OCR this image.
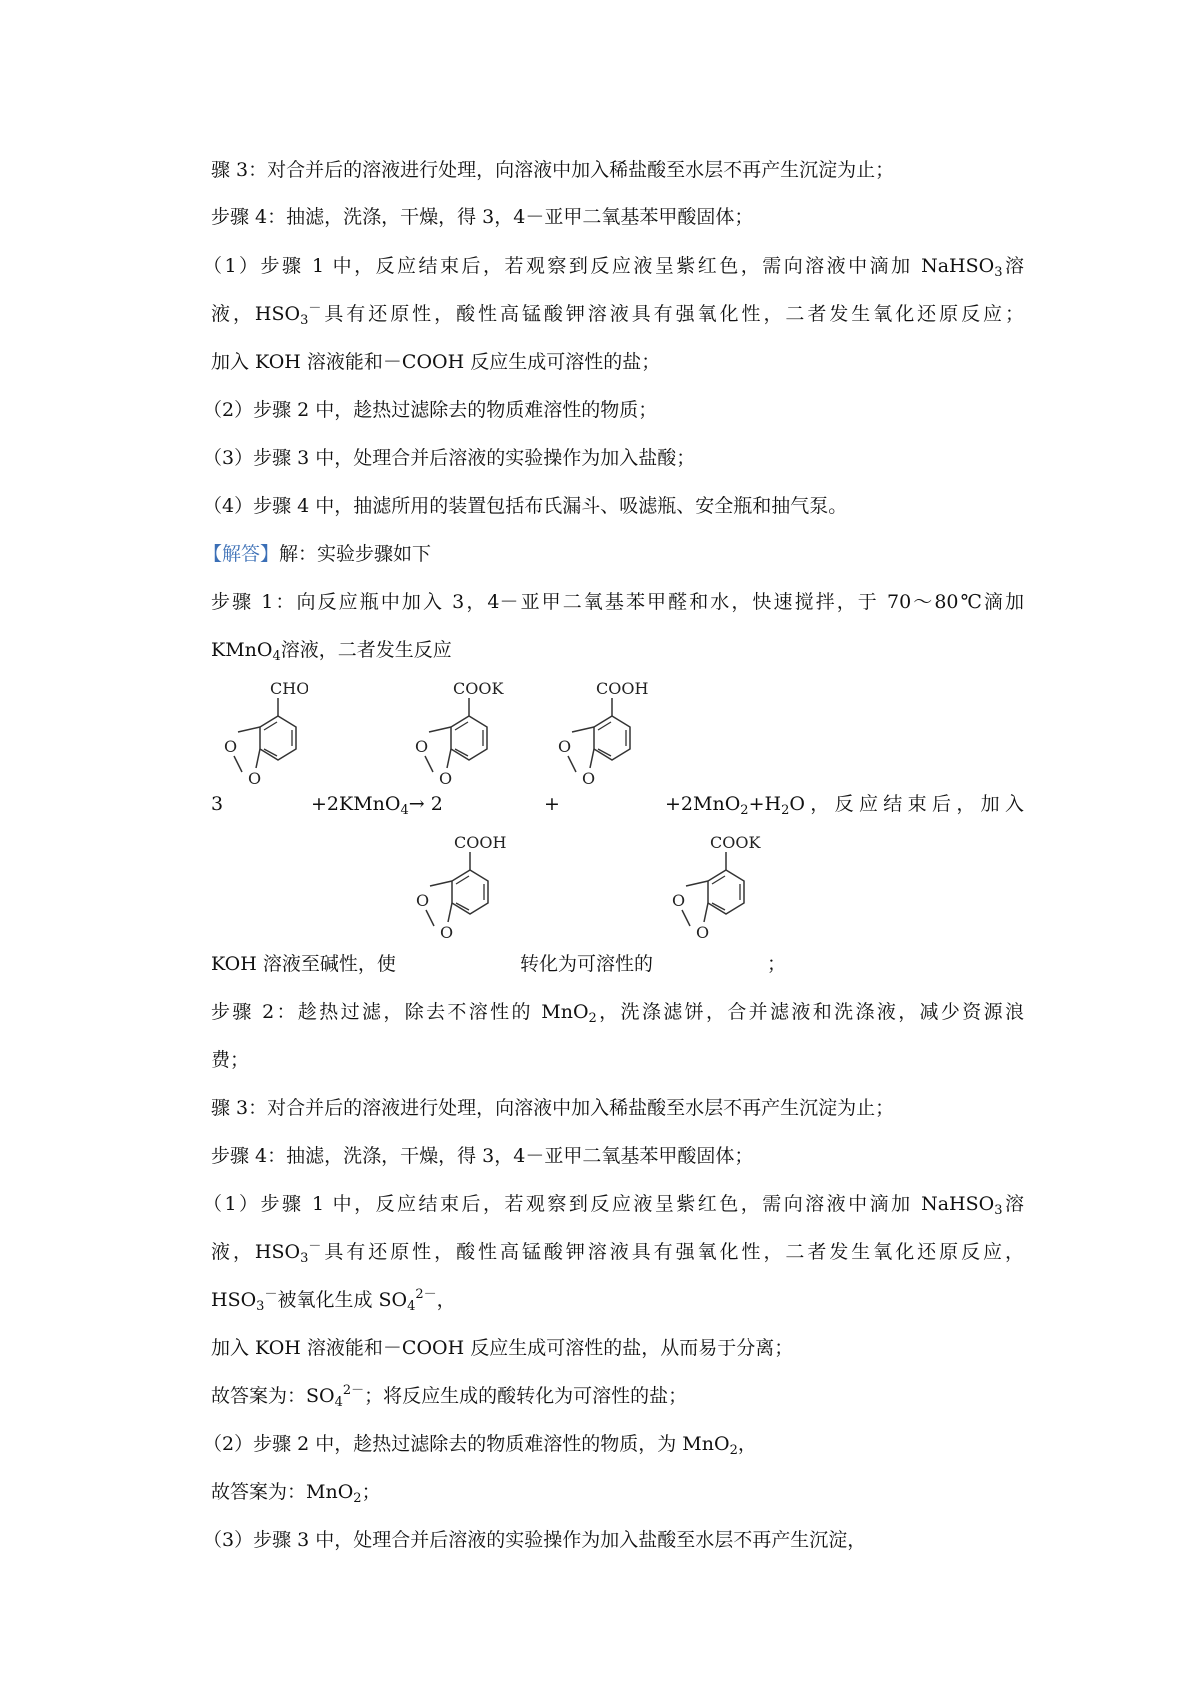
骤 3：对合并后的溶液进行处理，向溶液中加入稀盐酸至水层不再产生沉淀为止；
步骤 4：抽滤，洗涤，干燥，得 3，4－亚甲二氧基苯甲酸固体；
（1）步骤 1 中，反应结束后，若观察到反应液呈紫红色，需向溶液中滴加 NaHSO$_3$溶
液，$HSO_3^-$具有还原性，酸性高锰酸钾溶液具有强氧化性，二者发生氧化还原反应；
加入 KOH 溶液能和－COOH 反应生成可溶性的盐；
（2）步骤 2 中，趁热过滤除去的物质难溶性的物质；
（3）步骤 3 中，处理合并后溶液的实验操作为加入盐酸；
（4）步骤 4 中，抽滤所用的装置包括布氏漏斗、吸滤瓶、安全瓶和抽气泵。
【解答】解：实验步骤如下
步骤 1：向反应瓶中加入 3，4－亚甲二氧基苯甲醛和水，快速搅拌，于 70～80℃滴加
KMnO$_4$溶液，二者发生反应
CHO
O
O
COOK
O
O
COOH
O
O
3	+2KMnO$_4$→ 2	+	$+2MnO_2+H_2O$，反应结束后，加入
COOH
O
O
COOK
O
O
KOH 溶液至碱性，使	转化为可溶性的	；
步骤 2：趁热过滤，除去不溶性的 MnO$_2$，洗涤滤饼，合并滤液和洗涤液，减少资源浪
费；
骤 3：对合并后的溶液进行处理，向溶液中加入稀盐酸至水层不再产生沉淀为止；
步骤 4：抽滤，洗涤，干燥，得 3，4－亚甲二氧基苯甲酸固体；
（1）步骤 1 中，反应结束后，若观察到反应液呈紫红色，需向溶液中滴加 NaHSO$_3$溶
液，$HSO_3^-$具有还原性，酸性高锰酸钾溶液具有强氧化性，二者发生氧化还原反应，
$HSO_3^-$被氧化生成 $SO_4^{2-}$，
加入 KOH 溶液能和－COOH 反应生成可溶性的盐，从而易于分离；
故答案为：$SO_4^{2-}$；将反应生成的酸转化为可溶性的盐；
（2）步骤 2 中，趁热过滤除去的物质难溶性的物质，为 MnO$_2$，
故答案为：MnO$_2$；
（3）步骤 3 中，处理合并后溶液的实验操作为加入盐酸至水层不再产生沉淀，
